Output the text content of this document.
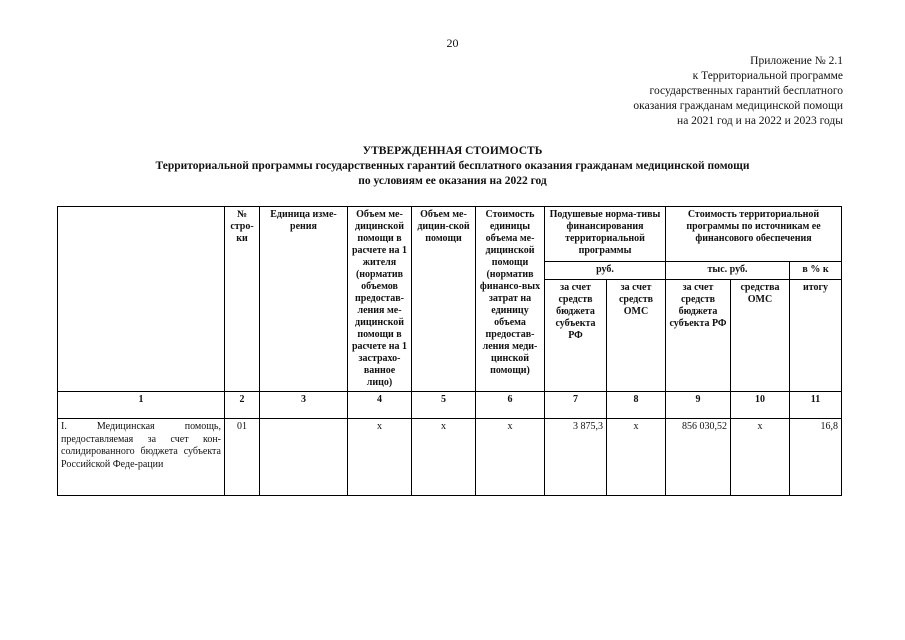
20
Приложение № 2.1
к Территориальной программе
государственных гарантий бесплатного
оказания гражданам медицинской помощи
на 2021 год и на 2022 и 2023 годы
УТВЕРЖДЕННАЯ СТОИМОСТЬ
Территориальной программы государственных гарантий бесплатного оказания гражданам медицинской помощи
по условиям ее оказания на 2022 год
	№ стро-ки	Единица изме-рения	Объем ме-дицинской помощи в расчете на 1 жителя (норматив объемов предостав-ления ме-дицинской помощи в расчете на 1 застрахо-ванное лицо)	Объем ме-дицин-ской помощи	Стоимость единицы объема ме-дицинской помощи (норматив финансо-вых затрат на единицу объема предостав-ления меди-цинской помощи)	Подушевые норма-тивы финансирования территориальной программы		Стоимость территориальной программы по источникам ее финансового обеспечения		
						руб.		тыс. руб.		в % к
						за счет средств бюджета субъекта РФ	за счет средств ОМС	за счет средств бюджета субъекта РФ	средства ОМС	итогу
1	2	3	4	5	6	7	8	9	10	11
I. Медицинская помощь, предоставляемая за счет кон-солидированного бюджета субъекта Российской Феде-рации	01		x	x	x	3 875,3	x	856 030,52	x	16,8
